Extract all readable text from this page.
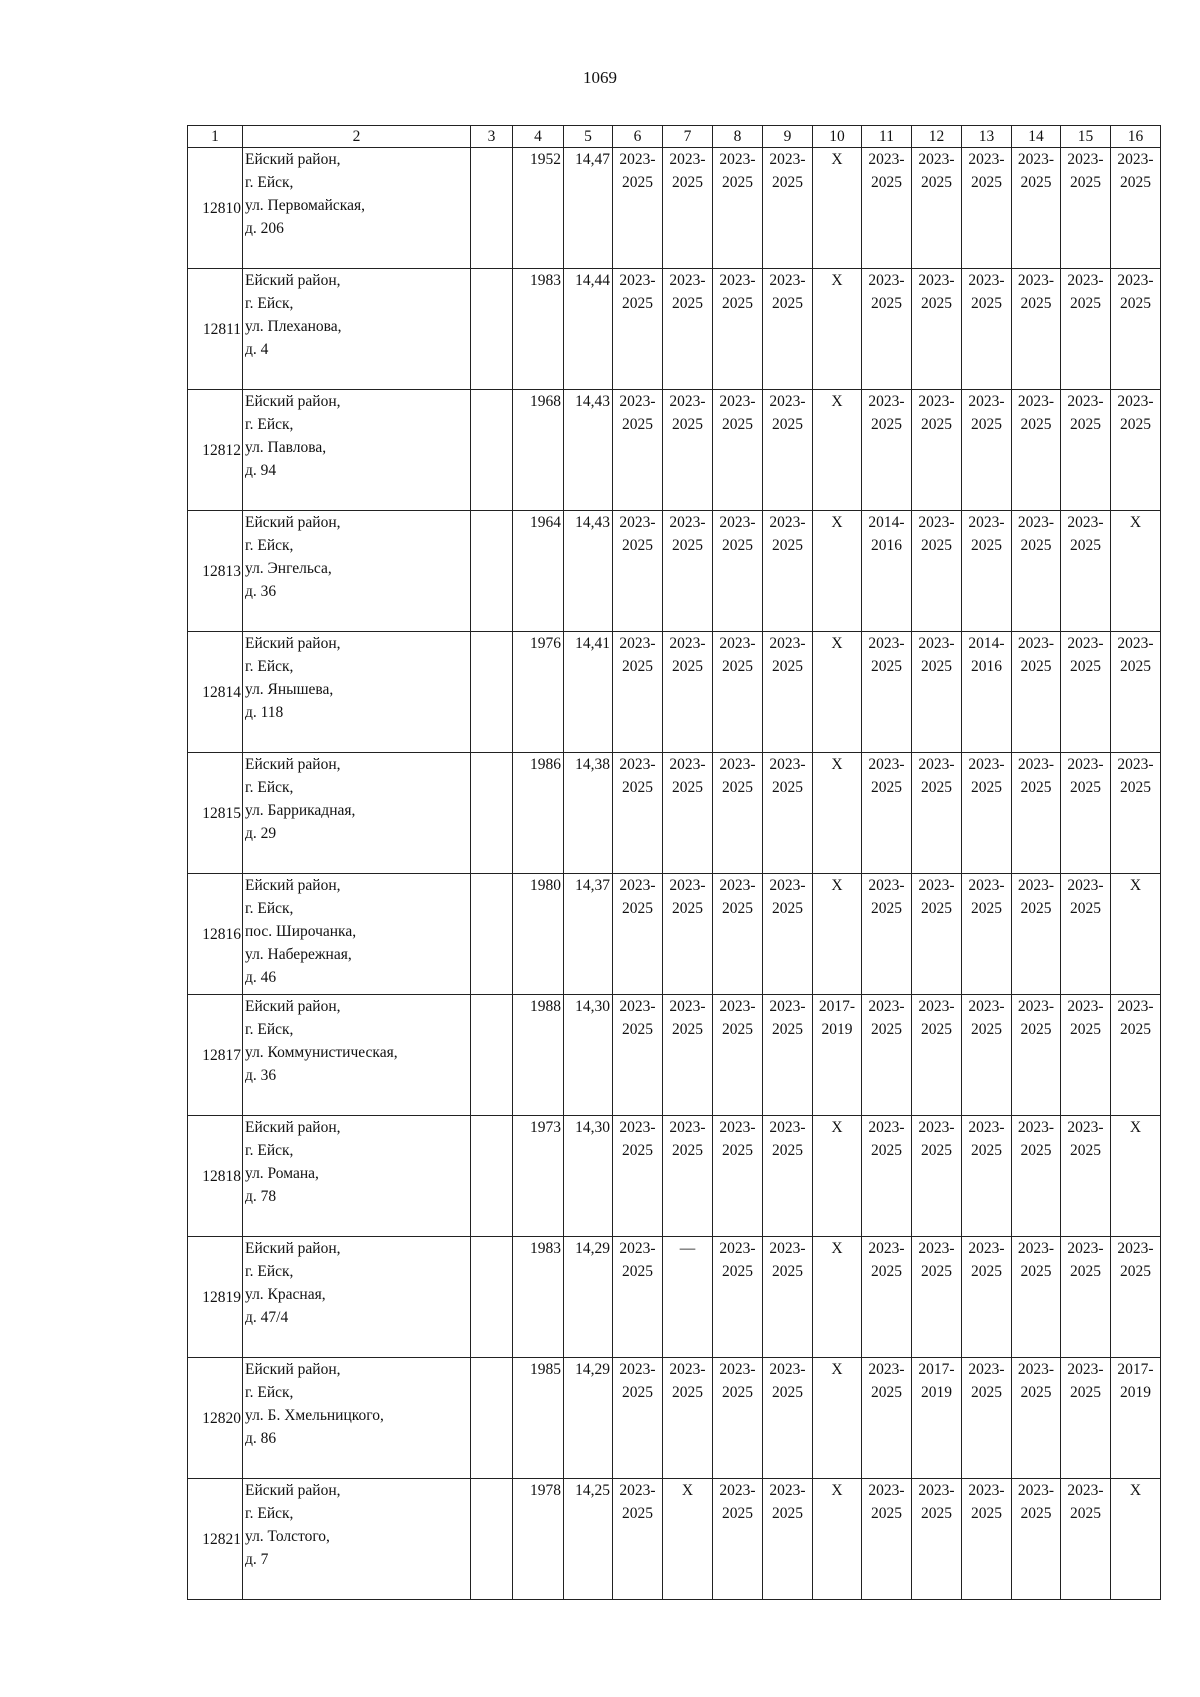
1069
1	2	3	4	5	6	7	8	9	10	11	12	13	14	15	16
12810	Ейский район,
г. Ейск,
ул. Первомайская,
д. 206		1952	14,47	2023-
2025	2023-
2025	2023-
2025	2023-
2025	X	2023-
2025	2023-
2025	2023-
2025	2023-
2025	2023-
2025	2023-
2025
12811	Ейский район,
г. Ейск,
ул. Плеханова,
д. 4		1983	14,44	2023-
2025	2023-
2025	2023-
2025	2023-
2025	X	2023-
2025	2023-
2025	2023-
2025	2023-
2025	2023-
2025	2023-
2025
12812	Ейский район,
г. Ейск,
ул. Павлова,
д. 94		1968	14,43	2023-
2025	2023-
2025	2023-
2025	2023-
2025	X	2023-
2025	2023-
2025	2023-
2025	2023-
2025	2023-
2025	2023-
2025
12813	Ейский район,
г. Ейск,
ул. Энгельса,
д. 36		1964	14,43	2023-
2025	2023-
2025	2023-
2025	2023-
2025	X	2014-
2016	2023-
2025	2023-
2025	2023-
2025	2023-
2025	X
12814	Ейский район,
г. Ейск,
ул. Янышева,
д. 118		1976	14,41	2023-
2025	2023-
2025	2023-
2025	2023-
2025	X	2023-
2025	2023-
2025	2014-
2016	2023-
2025	2023-
2025	2023-
2025
12815	Ейский район,
г. Ейск,
ул. Баррикадная,
д. 29		1986	14,38	2023-
2025	2023-
2025	2023-
2025	2023-
2025	X	2023-
2025	2023-
2025	2023-
2025	2023-
2025	2023-
2025	2023-
2025
12816	Ейский район,
г. Ейск,
пос. Широчанка,
ул. Набережная,
д. 46		1980	14,37	2023-
2025	2023-
2025	2023-
2025	2023-
2025	X	2023-
2025	2023-
2025	2023-
2025	2023-
2025	2023-
2025	X
12817	Ейский район,
г. Ейск,
ул. Коммунистическая,
д. 36		1988	14,30	2023-
2025	2023-
2025	2023-
2025	2023-
2025	2017-
2019	2023-
2025	2023-
2025	2023-
2025	2023-
2025	2023-
2025	2023-
2025
12818	Ейский район,
г. Ейск,
ул. Романа,
д. 78		1973	14,30	2023-
2025	2023-
2025	2023-
2025	2023-
2025	X	2023-
2025	2023-
2025	2023-
2025	2023-
2025	2023-
2025	X
12819	Ейский район,
г. Ейск,
ул. Красная,
д. 47/4		1983	14,29	2023-
2025	—	2023-
2025	2023-
2025	X	2023-
2025	2023-
2025	2023-
2025	2023-
2025	2023-
2025	2023-
2025
12820	Ейский район,
г. Ейск,
ул. Б. Хмельницкого,
д. 86		1985	14,29	2023-
2025	2023-
2025	2023-
2025	2023-
2025	X	2023-
2025	2017-
2019	2023-
2025	2023-
2025	2023-
2025	2017-
2019
12821	Ейский район,
г. Ейск,
ул. Толстого,
д. 7		1978	14,25	2023-
2025	X	2023-
2025	2023-
2025	X	2023-
2025	2023-
2025	2023-
2025	2023-
2025	2023-
2025	X
